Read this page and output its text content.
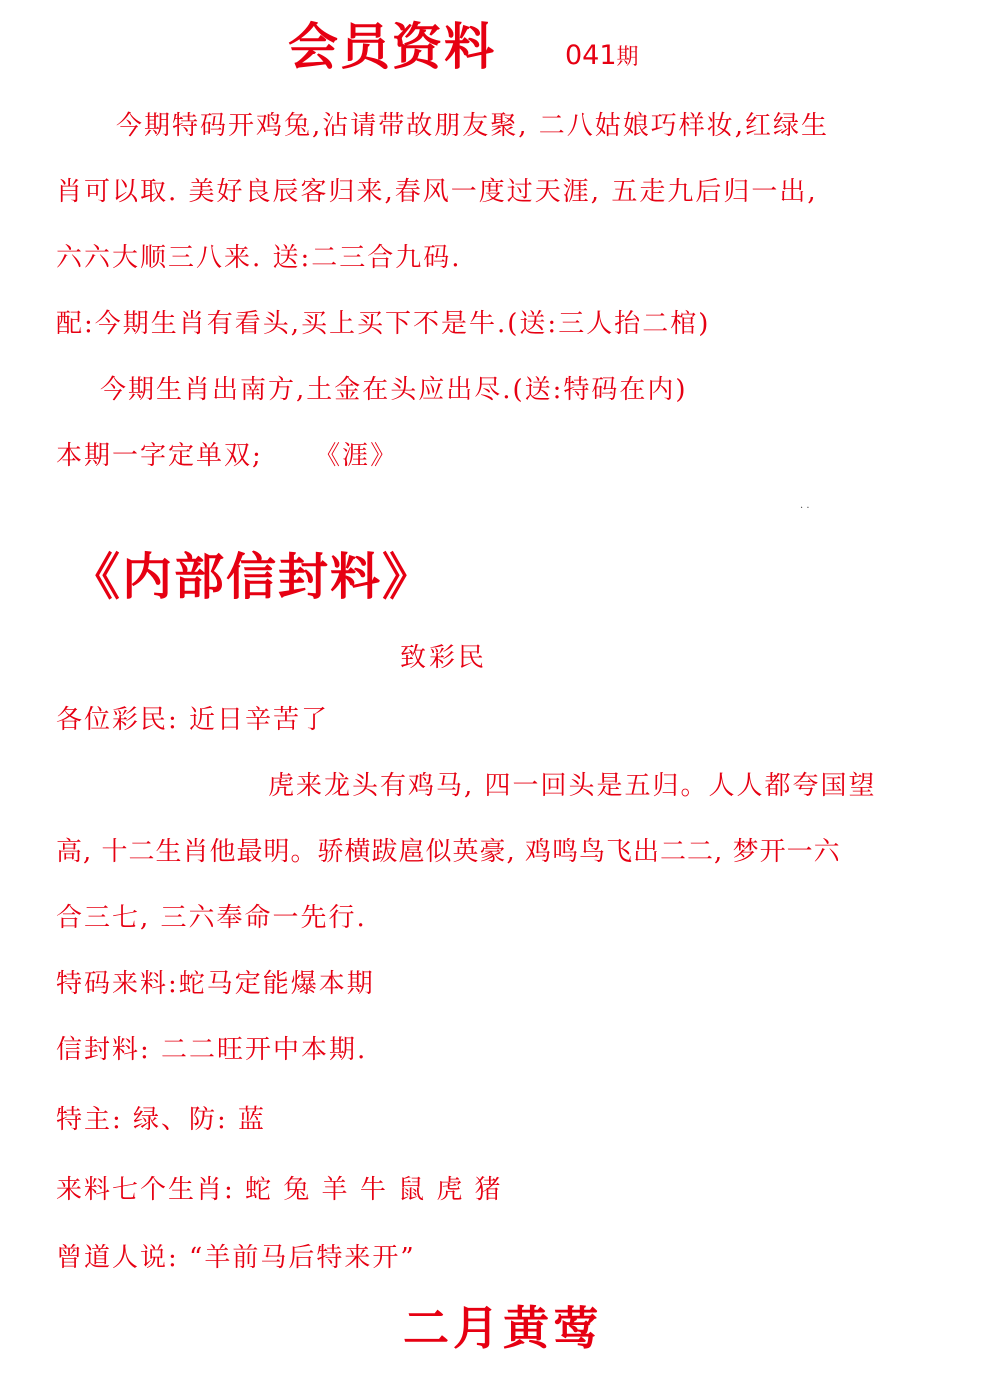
会员资料	041期
今期特码开鸡兔,沾请带故朋友聚, 二八姑娘巧样妆,红绿生
肖可以取. 美好良辰客归来,春风一度过天涯, 五走九后归一出,
六六大顺三八来. 送:二三合九码.
配:今期生肖有看头,买上买下不是牛.(送:三人抬二棺)
今期生肖出南方,土金在头应出尽.(送:特码在内)
本期一字定单双;     《涯》
· ·
《内部信封料》
致彩民
各位彩民: 近日辛苦了
虎来龙头有鸡马, 四一回头是五归。人人都夸国望
高, 十二生肖他最明。骄横跋扈似英豪, 鸡鸣鸟飞出二二, 梦开一六
合三七, 三六奉命一先行.
特码来料:蛇马定能爆本期
信封料: 二二旺开中本期.
特主: 绿、防: 蓝
来料七个生肖: 蛇 兔 羊 牛 鼠 虎 猪
曾道人说: “羊前马后特来开”
二月黄莺
